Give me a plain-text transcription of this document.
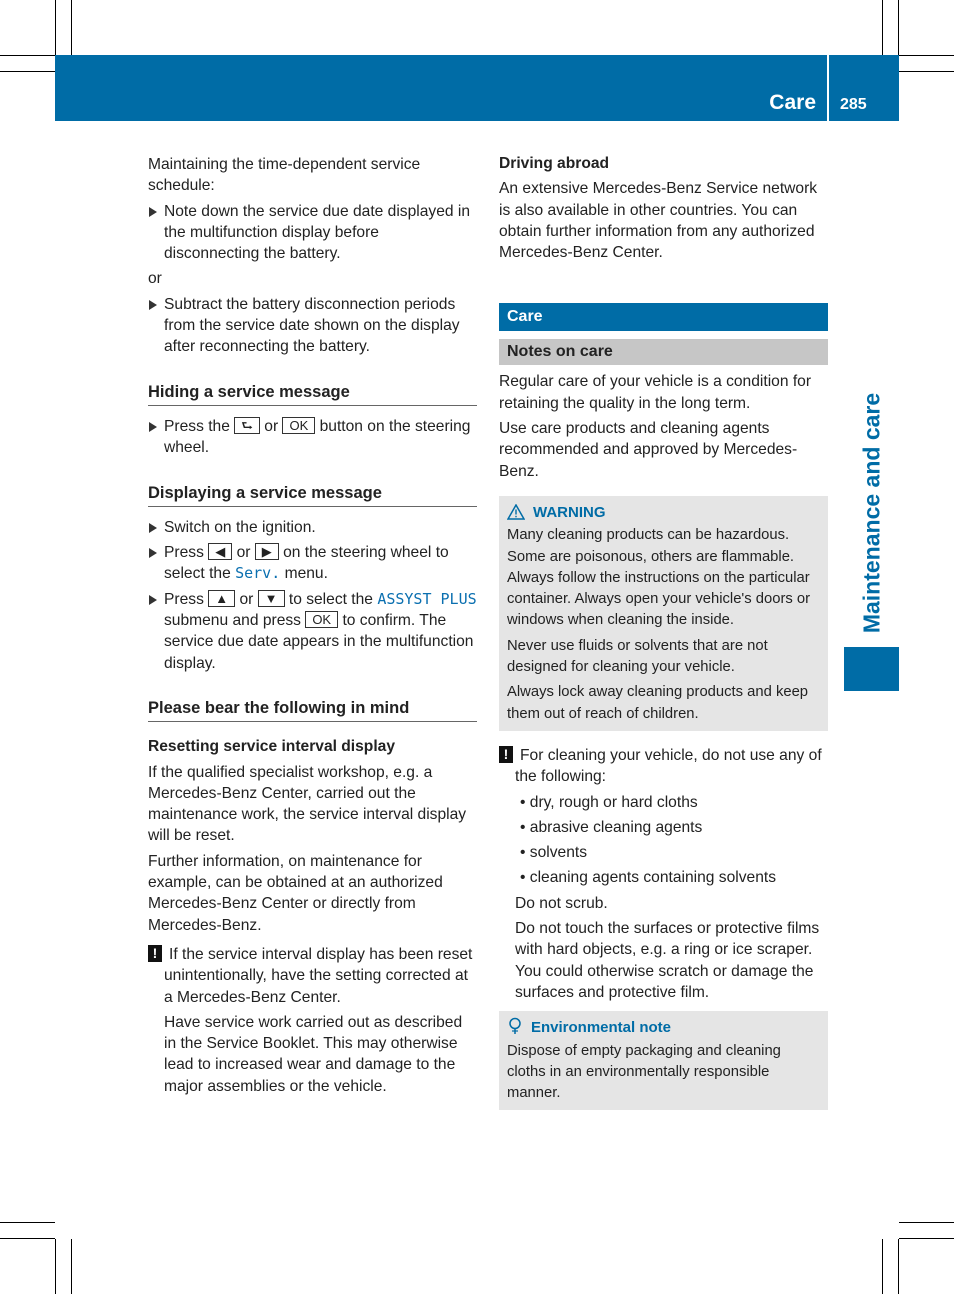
Care 285
Maintenance and care

Maintaining the time-dependent service schedule:

Note down the service due date displayed in the multifunction display before disconnecting the battery.

or

Subtract the battery disconnection periods from the service date shown on the display after reconnecting the battery.
Hiding a service message
Press the ⮑ or OK button on the steering wheel.
Displaying a service message
Switch on the ignition.
Press ◀ or ▶ on the steering wheel to select the Serv. menu.
Press ▲ or ▼ to select the ASSYST PLUS submenu and press OK to confirm. The service due date appears in the multifunction display.
Please bear the following in mind
Resetting service interval display

If the qualified specialist workshop, e.g. a Mercedes-Benz Center, carried out the maintenance work, the service interval display will be reset.

Further information, on maintenance for example, can be obtained at an authorized Mercedes-Benz Center or directly from Mercedes-Benz.

! If the service interval display has been reset unintentionally, have the setting corrected at a Mercedes-Benz Center.

Have service work carried out as described in the Service Booklet. This may otherwise lead to increased wear and damage to the major assemblies or the vehicle.

Driving abroad

An extensive Mercedes-Benz Service network is also available in other countries. You can obtain further information from any authorized Mercedes-Benz Center.

Care
Notes on care

Regular care of your vehicle is a condition for retaining the quality in the long term.

Use care products and cleaning agents recommended and approved by Mercedes-Benz.

WARNING

Many cleaning products can be hazardous. Some are poisonous, others are flammable. Always follow the instructions on the particular container. Always open your vehicle's doors or windows when cleaning the inside.

Never use fluids or solvents that are not designed for cleaning your vehicle.

Always lock away cleaning products and keep them out of reach of children.

! For cleaning your vehicle, do not use any of the following:
• dry, rough or hard cloths
• abrasive cleaning agents
• solvents
• cleaning agents containing solvents

Do not scrub.

Do not touch the surfaces or protective films with hard objects, e.g. a ring or ice scraper. You could otherwise scratch or damage the surfaces and protective film.

Environmental note

Dispose of empty packaging and cleaning cloths in an environmentally responsible manner.
